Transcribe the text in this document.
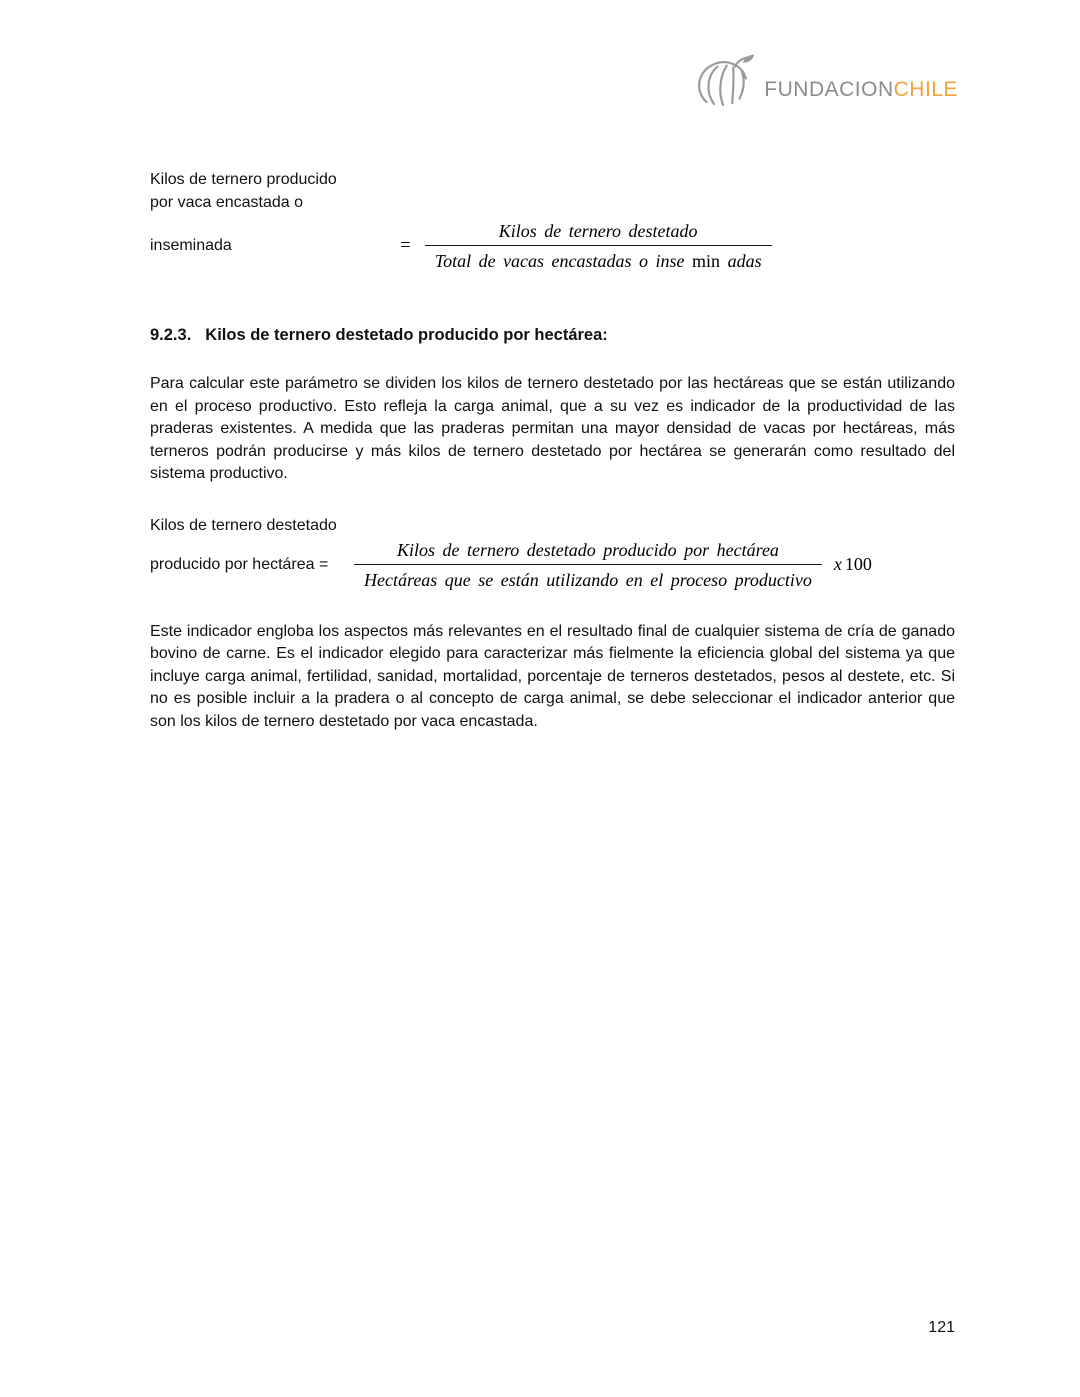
FUNDACIONCHILE
Kilos de ternero producido
por vaca encastada o
inseminada	= $\frac{\text{Kilos de ternero destetado}}{\text{Total de vacas encastadas o inse min adas}}$
9.2.3. Kilos de ternero destetado producido por hectárea:

Para calcular este parámetro se dividen los kilos de ternero destetado por las hectáreas que se están utilizando en el proceso productivo. Esto refleja la carga animal, que a su vez es indicador de la productividad de las praderas existentes. A medida que las praderas permitan una mayor densidad de vacas por hectáreas, más terneros podrán producirse y más kilos de ternero destetado por hectárea se generarán como resultado del sistema productivo.

Kilos de ternero destetado
producido por hectárea =	$\frac{\text{Kilos de ternero destetado producido por hectárea}}{\text{Hectáreas que se están utilizando en el proceso productivo}}$ x 100

Este indicador engloba los aspectos más relevantes en el resultado final de cualquier sistema de cría de ganado bovino de carne. Es el indicador elegido para caracterizar más fielmente la eficiencia global del sistema ya que incluye carga animal, fertilidad, sanidad, mortalidad, porcentaje de terneros destetados, pesos al destete, etc. Si no es posible incluir a la pradera o al concepto de carga animal, se debe seleccionar el indicador anterior que son los kilos de ternero destetado por vaca encastada.

121
